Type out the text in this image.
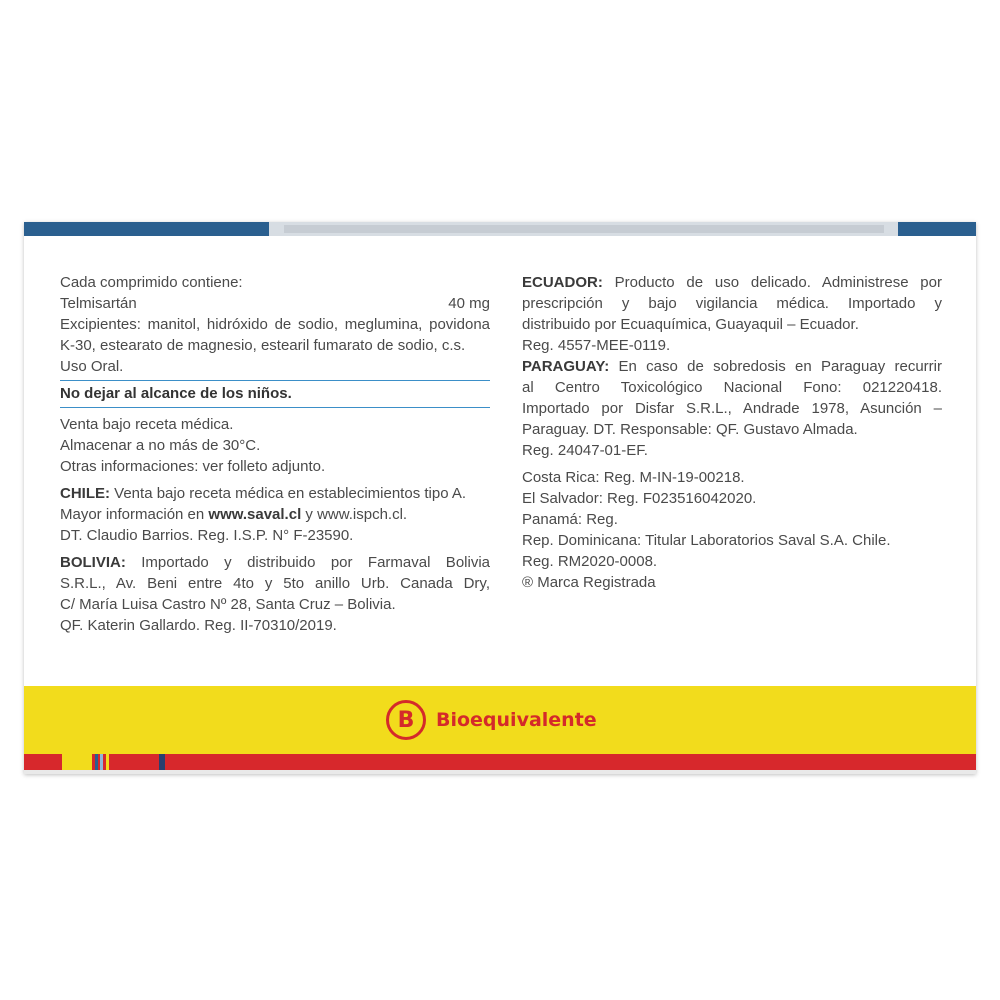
Cada comprimido contiene:
Telmisartán	40 mg
Excipientes: manitol, hidróxido de sodio, meglumina, povidona
K-30, estearato de magnesio, estearil fumarato de sodio, c.s.
Uso Oral.
No dejar al alcance de los niños.
Venta bajo receta médica.
Almacenar a no más de 30°C.
Otras informaciones: ver folleto adjunto.
CHILE: Venta bajo receta médica en establecimientos tipo A.
Mayor información en www.saval.cl y www.ispch.cl.
DT. Claudio Barrios. Reg. I.S.P. N° F-23590.
BOLIVIA: Importado y distribuido por Farmaval Bolivia
S.R.L., Av. Beni entre 4to y 5to anillo Urb. Canada Dry,
C/ María Luisa Castro Nº 28, Santa Cruz – Bolivia.
QF. Katerin Gallardo. Reg. II-70310/2019.
ECUADOR: Producto de uso delicado. Administrese por
prescripción y bajo vigilancia médica. Importado y
distribuido por Ecuaquímica, Guayaquil – Ecuador.
Reg. 4557-MEE-0119.
PARAGUAY: En caso de sobredosis en Paraguay recurrir
al Centro Toxicológico Nacional Fono: 021220418.
Importado por Disfar S.R.L., Andrade 1978, Asunción –
Paraguay. DT. Responsable: QF. Gustavo Almada.
Reg. 24047-01-EF.
Costa Rica: Reg. M-IN-19-00218.
El Salvador: Reg. F023516042020.
Panamá: Reg.
Rep. Dominicana: Titular Laboratorios Saval S.A. Chile.
Reg. RM2020-0008.
® Marca Registrada
B	Bioequivalente
